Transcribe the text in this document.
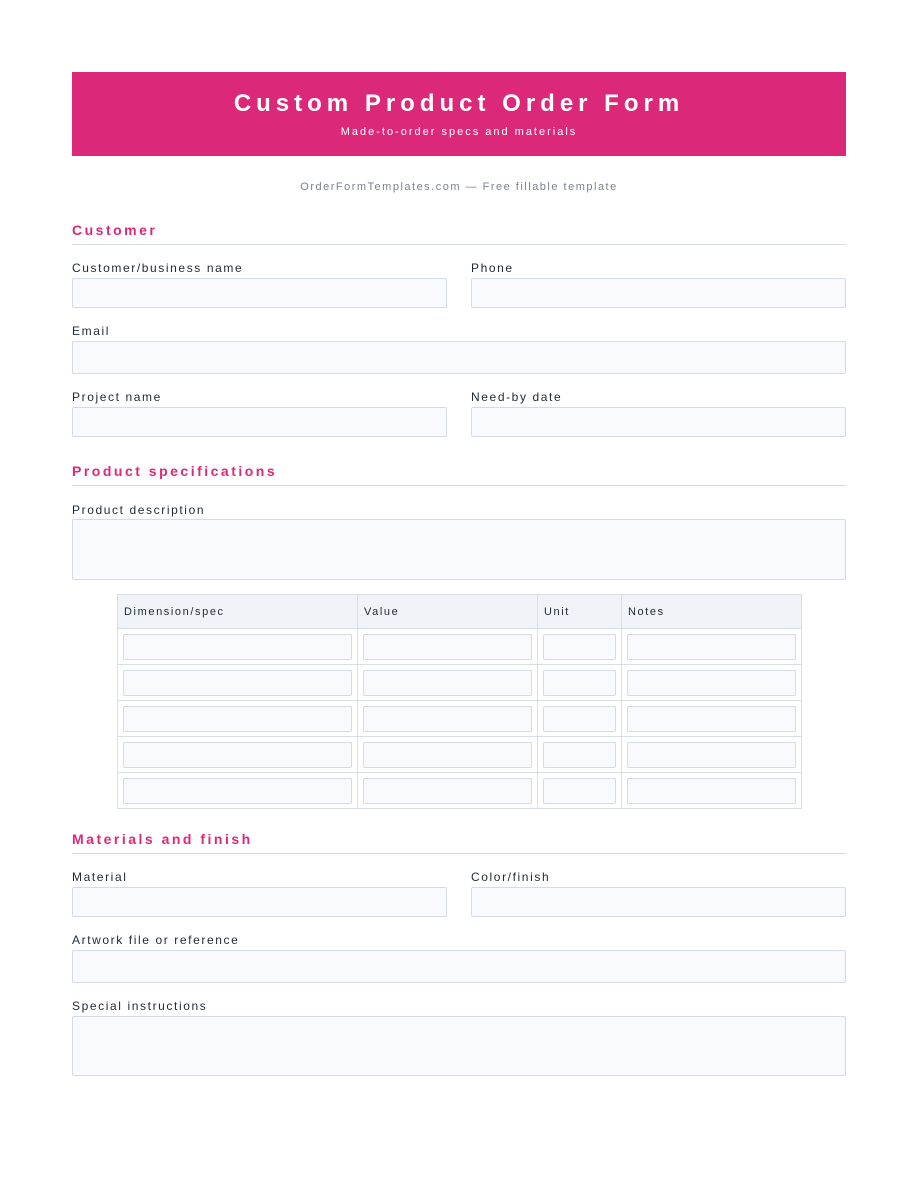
Custom Product Order Form
Made-to-order specs and materials
OrderFormTemplates.com — Free fillable template
Customer
Customer/business name	Phone
Email
Project name	Need-by date
Product specifications
Product description
Dimension/spec	Value	Unit	Notes

Materials and finish
Material	Color/finish
Artwork file or reference
Special instructions
